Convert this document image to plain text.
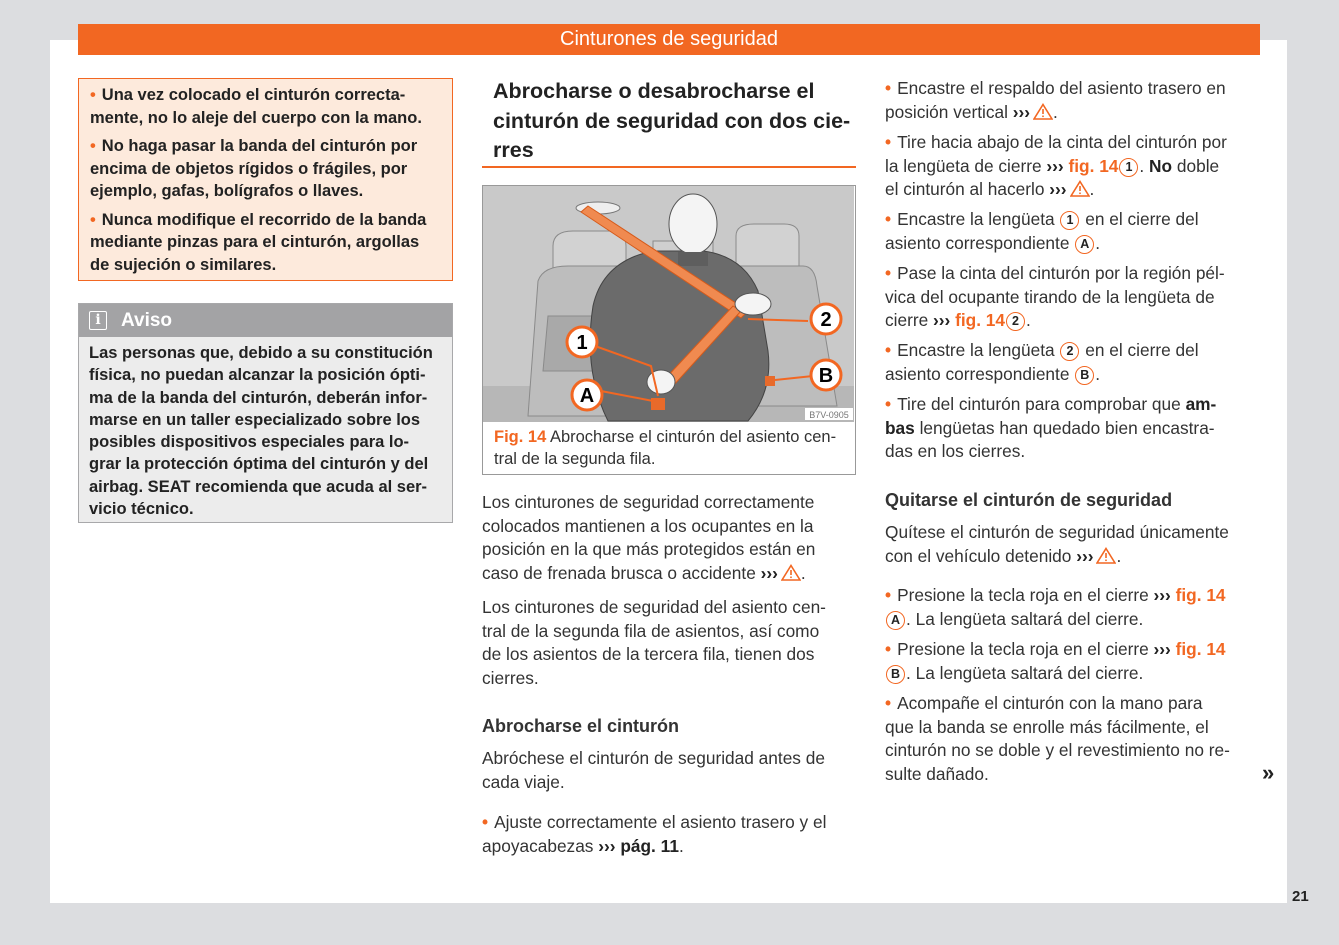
Cinturones de seguridad
• Una vez colocado el cinturón correcta-
mente, no lo aleje del cuerpo con la mano.
• No haga pasar la banda del cinturón por
encima de objetos rígidos o frágiles, por
ejemplo, gafas, bolígrafos o llaves.
• Nunca modifique el recorrido de la banda
mediante pinzas para el cinturón, argollas
de sujeción o similares.
i	Aviso
Las personas que, debido a su constitución
física, no puedan alcanzar la posición ópti-
ma de la banda del cinturón, deberán infor-
marse en un taller especializado sobre los
posibles dispositivos especiales para lo-
grar la protección óptima del cinturón y del
airbag. SEAT recomienda que acuda al ser-
vicio técnico.
Abrocharse o desabrocharse el
cinturón de seguridad con dos cie-
rres
1
2
A
B
B7V-0905
Fig. 14 Abrocharse el cinturón del asiento cen-
tral de la segunda fila.
Los cinturones de seguridad correctamente
colocados mantienen a los ocupantes en la
posición en la que más protegidos están en
caso de frenada brusca o accidente ››› .
Los cinturones de seguridad del asiento cen-
tral de la segunda fila de asientos, así como
de los asientos de la tercera fila, tienen dos
cierres.
Abrocharse el cinturón
Abróchese el cinturón de seguridad antes de
cada viaje.
• Ajuste correctamente el asiento trasero y el
apoyacabezas ››› pág. 11.
• Encastre el respaldo del asiento trasero en
posición vertical ››› .
• Tire hacia abajo de la cinta del cinturón por
la lengüeta de cierre ››› fig. 14 1 . No doble
el cinturón al hacerlo ››› .
• Encastre la lengüeta 1 en el cierre del
asiento correspondiente A .
• Pase la cinta del cinturón por la región pél-
vica del ocupante tirando de la lengüeta de
cierre ››› fig. 14 2 .
• Encastre la lengüeta 2 en el cierre del
asiento correspondiente B .
• Tire del cinturón para comprobar que am-
bas lengüetas han quedado bien encastra-
das en los cierres.
Quitarse el cinturón de seguridad
Quítese el cinturón de seguridad únicamente
con el vehículo detenido ››› .
• Presione la tecla roja en el cierre ››› fig. 14
A . La lengüeta saltará del cierre.
• Presione la tecla roja en el cierre ››› fig. 14
B . La lengüeta saltará del cierre.
• Acompañe el cinturón con la mano para
que la banda se enrolle más fácilmente, el
cinturón no se doble y el revestimiento no re-
sulte dañado.	»
21
